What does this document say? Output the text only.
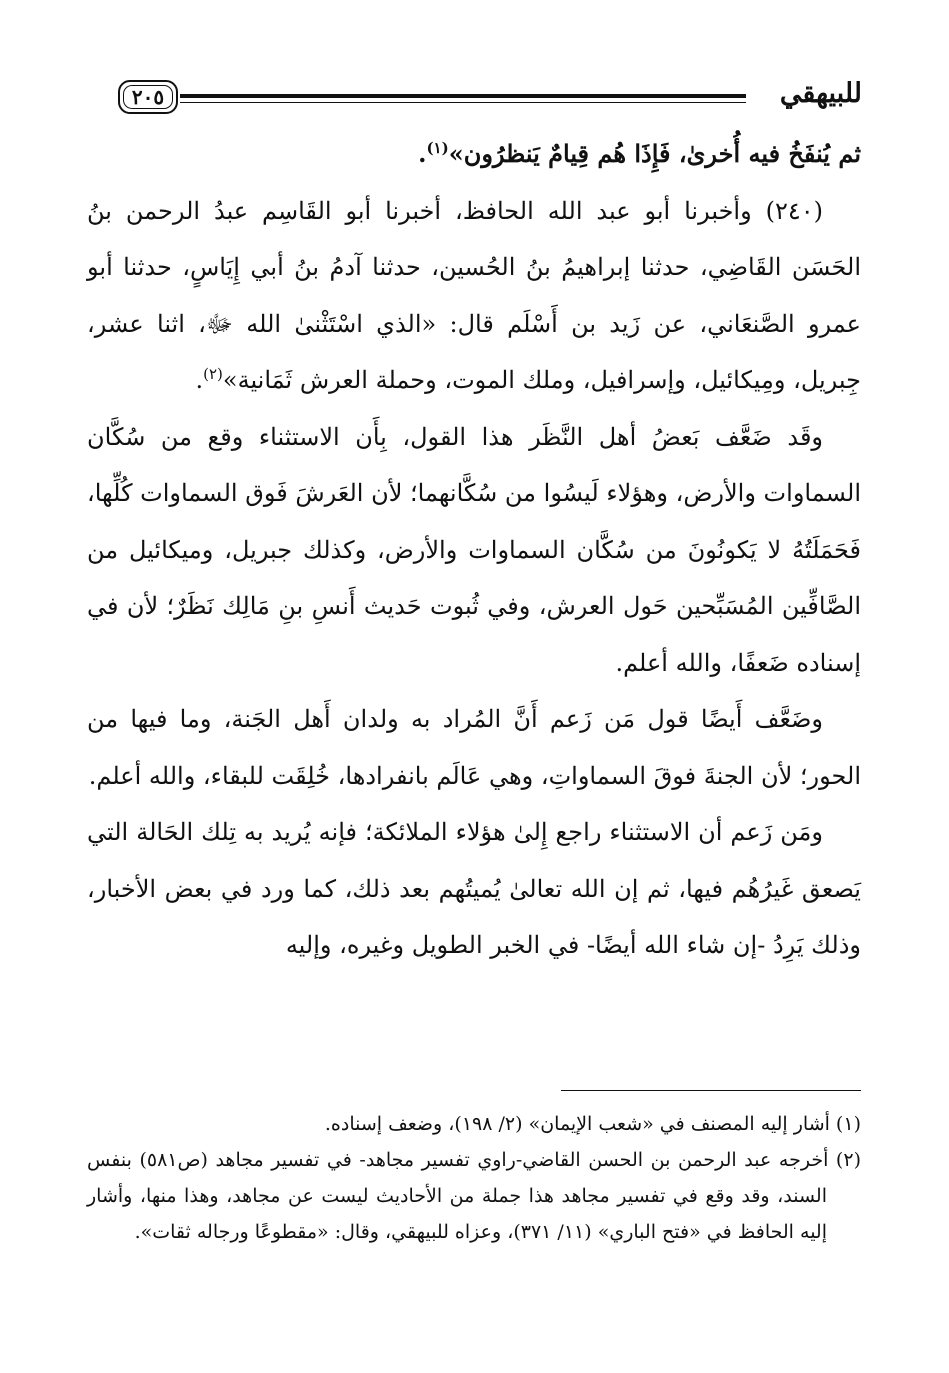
٢٠٥	للبيهقي

ثم يُنفَخُ فيه أُخرىٰ، فَإِذَا هُم قِيامٌ يَنظرُون»$^{(١)}$.

(٢٤٠) وأخبرنا أبو عبد الله الحافظ، أخبرنا أبو القَاسِم عبدُ الرحمن بنُ الحَسَن القَاضِي، حدثنا إبراهيمُ بنُ الحُسين، حدثنا آدمُ بنُ أبي إِيَاسٍ، حدثنا أبو عمرو الصَّنعَاني، عن زَيد بن أَسْلَم قال: «الذي اسْتَثْنىٰ الله ﷻ، اثنا عشر، جِبريل، ومِيكائيل، وإسرافيل، وملك الموت، وحملة العرش ثَمَانية»$^{(٢)}$.

وقَد ضَعَّف بَعضُ أهل النَّظَر هذا القول، بِأَن الاستثناء وقع من سُكَّان السماوات والأرض، وهؤلاء لَيسُوا من سُكَّانهما؛ لأن العَرشَ فَوق السماوات كُلِّها، فَحَمَلَتُهُ لا يَكونُونَ من سُكَّان السماوات والأرض، وكذلك جبريل، وميكائيل من الصَّافِّين المُسَبِّحين حَول العرش، وفي ثُبوت حَديث أَنسِ بنِ مَالِك نَظَرٌ؛ لأن في إسناده ضَعفًا، والله أعلم.

وضَعَّف أَيضًا قول مَن زَعم أَنَّ المُراد به ولدان أَهل الجَنة، وما فيها من الحور؛ لأن الجنةَ فوقَ السماواتِ، وهي عَالَم بانفرادها، خُلِقَت للبقاء، والله أعلم.

ومَن زَعم أن الاستثناء راجع إِلىٰ هؤلاء الملائكة؛ فإنه يُريد به تِلك الحَالة التي يَصعق غَيرُهُم فيها، ثم إن الله تعالىٰ يُميتُهم بعد ذلك، كما ورد في بعض الأخبار، وذلك يَرِدُ -إن شاء الله أيضًا- في الخبر الطويل وغيره، وإليه

(١) أشار إليه المصنف في «شعب الإيمان» (٢/ ١٩٨)، وضعف إسناده.

(٢) أخرجه عبد الرحمن بن الحسن القاضي-راوي تفسير مجاهد- في تفسير مجاهد (ص٥٨١) بنفس السند، وقد وقع في تفسير مجاهد هذا جملة من الأحاديث ليست عن مجاهد، وهذا منها، وأشار إليه الحافظ في «فتح الباري» (١١/ ٣٧١)، وعزاه للبيهقي، وقال: «مقطوعًا ورجاله ثقات».
